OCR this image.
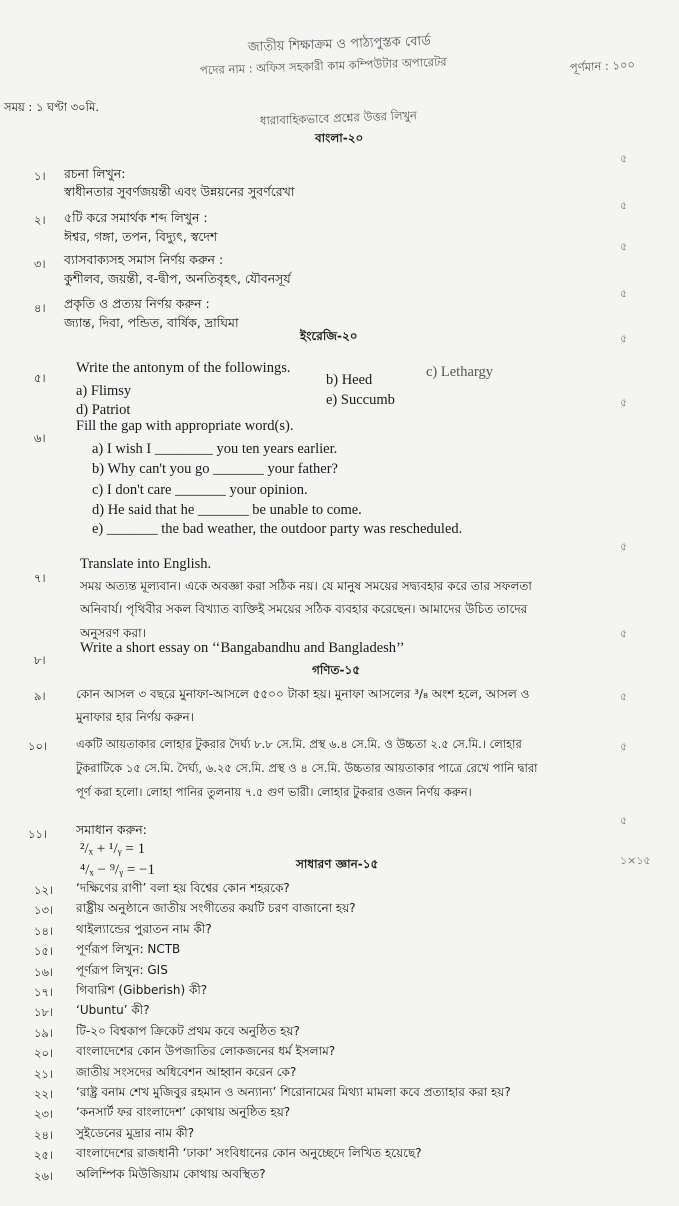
জাতীয় শিক্ষাক্রম ও পাঠ্যপুস্তক বোর্ড
পদের নাম : অফিস সহকারী কাম কম্পিউটার অপারেটর	পূর্ণমান : ১০০
সময় : ১ ঘণ্টা ৩০মি.
ধারাবাহিকভাবে প্রশ্নের উত্তর লিখুন
বাংলা-২০
১। রচনা লিখুন:
স্বাধীনতার সুবর্ণজয়ন্তী এবং উন্নয়নের সুবর্ণরেখা
৫
২। ৫টি করে সমার্থক শব্দ লিখুন :
ঈশ্বর, গঙ্গা, তপন, বিদ্যুৎ, স্বদেশ
৫
৩। ব্যাসবাক্যসহ সমাস নির্ণয় করুন :
কুশীলব, জয়ন্তী, ব-দ্বীপ, অনতিবৃহৎ, যৌবনসূর্য
৫
৪। প্রকৃতি ও প্রত্যয় নির্ণয় করুন :
জ্যান্ত, দিবা, পন্ডিত, বার্ষিক, দ্রাঘিমা
৫
ইংরেজি-২০	৫
৫।
Write the antonym of the followings.
a) Flimsy
b) Heed	c) Lethargy
d) Patriot
e) Succumb	৫
৬।
Fill the gap with appropriate word(s).
a) I wish I ________ you ten years earlier.
b) Why can't you go _______ your father?
c) I don't care _______ your opinion.
d) He said that he _______ be unable to come.
e) _______ the bad weather, the outdoor party was rescheduled.
৫
৭।
Translate into English.
সময় অত্যন্ত মূল্যবান। একে অবজ্ঞা করা সঠিক নয়। যে মানুষ সময়ের সদ্ব্যবহার করে তার সফলতা
অনিবার্য। পৃথিবীর সকল বিখ্যাত ব্যক্তিই সময়ের সঠিক ব্যবহার করেছেন। আমাদের উচিত তাদের
অনুসরণ করা।	৫
৮।
Write a short essay on ‘‘Bangabandhu and Bangladesh’’
গণিত-১৫
৯।	কোন আসল ৩ বছরে মুনাফা-আসলে ৫৫০০ টাকা হয়। মুনাফা আসলের ³/₈ অংশ হলে, আসল ও
মুনাফার হার নির্ণয় করুন।
৫
১০।	একটি আয়তাকার লোহার টুকরার দৈর্ঘ্য ৮.৮ সে.মি. প্রস্থ ৬.৪ সে.মি. ও উচ্চতা ২.৫ সে.মি.। লোহার
টুকরাটিকে ১৫ সে.মি. দৈর্ঘ্য, ৬.২৫ সে.মি. প্রস্থ ও ৪ সে.মি. উচ্চতার আয়তাকার পাত্রে রেখে পানি দ্বারা
পূর্ণ করা হলো। লোহা পানির তুলনায় ৭.৫ গুণ ভারী। লোহার টুকরার ওজন নির্ণয় করুন।
৫
১১। সমাধান করুন:
²/ₓ + ¹/ᵧ = 1
⁴/ₓ − ⁹/ᵧ = −1
৫
সাধারণ জ্ঞান-১৫	১×১৫
১২। ‘দক্ষিণের রাণী’ বলা হয় বিশ্বের কোন শহরকে?
১৩। রাষ্ট্রীয় অনুষ্ঠানে জাতীয় সংগীতের কয়টি চরণ বাজানো হয়?
১৪। থাইল্যান্ডের পুরাতন নাম কী?
১৫। পূর্ণরূপ লিখুন: NCTB
১৬। পূর্ণরূপ লিখুন: GIS
১৭। গিবারিশ (Gibberish) কী?
১৮। ‘Ubuntu’ কী?
১৯। টি-২০ বিশ্বকাপ ক্রিকেট প্রথম কবে অনুষ্ঠিত হয়?
২০। বাংলাদেশের কোন উপজাতির লোকজনের ধর্ম ইসলাম?
২১। জাতীয় সংসদের অধিবেশন আহ্বান করেন কে?
২২। ‘রাষ্ট্র বনাম শেখ মুজিবুর রহমান ও অন্যান্য’ শিরোনামের মিথ্যা মামলা কবে প্রত্যাহার করা হয়?
২৩। ‘কনসার্ট ফর বাংলাদেশ’ কোথায় অনুষ্ঠিত হয়?
২৪। সুইডেনের মুদ্রার নাম কী?
২৫। বাংলাদেশের রাজধানী ‘ঢাকা’ সংবিধানের কোন অনুচ্ছেদে লিখিত হয়েছে?
২৬। অলিম্পিক মিউজিয়াম কোথায় অবস্থিত?
